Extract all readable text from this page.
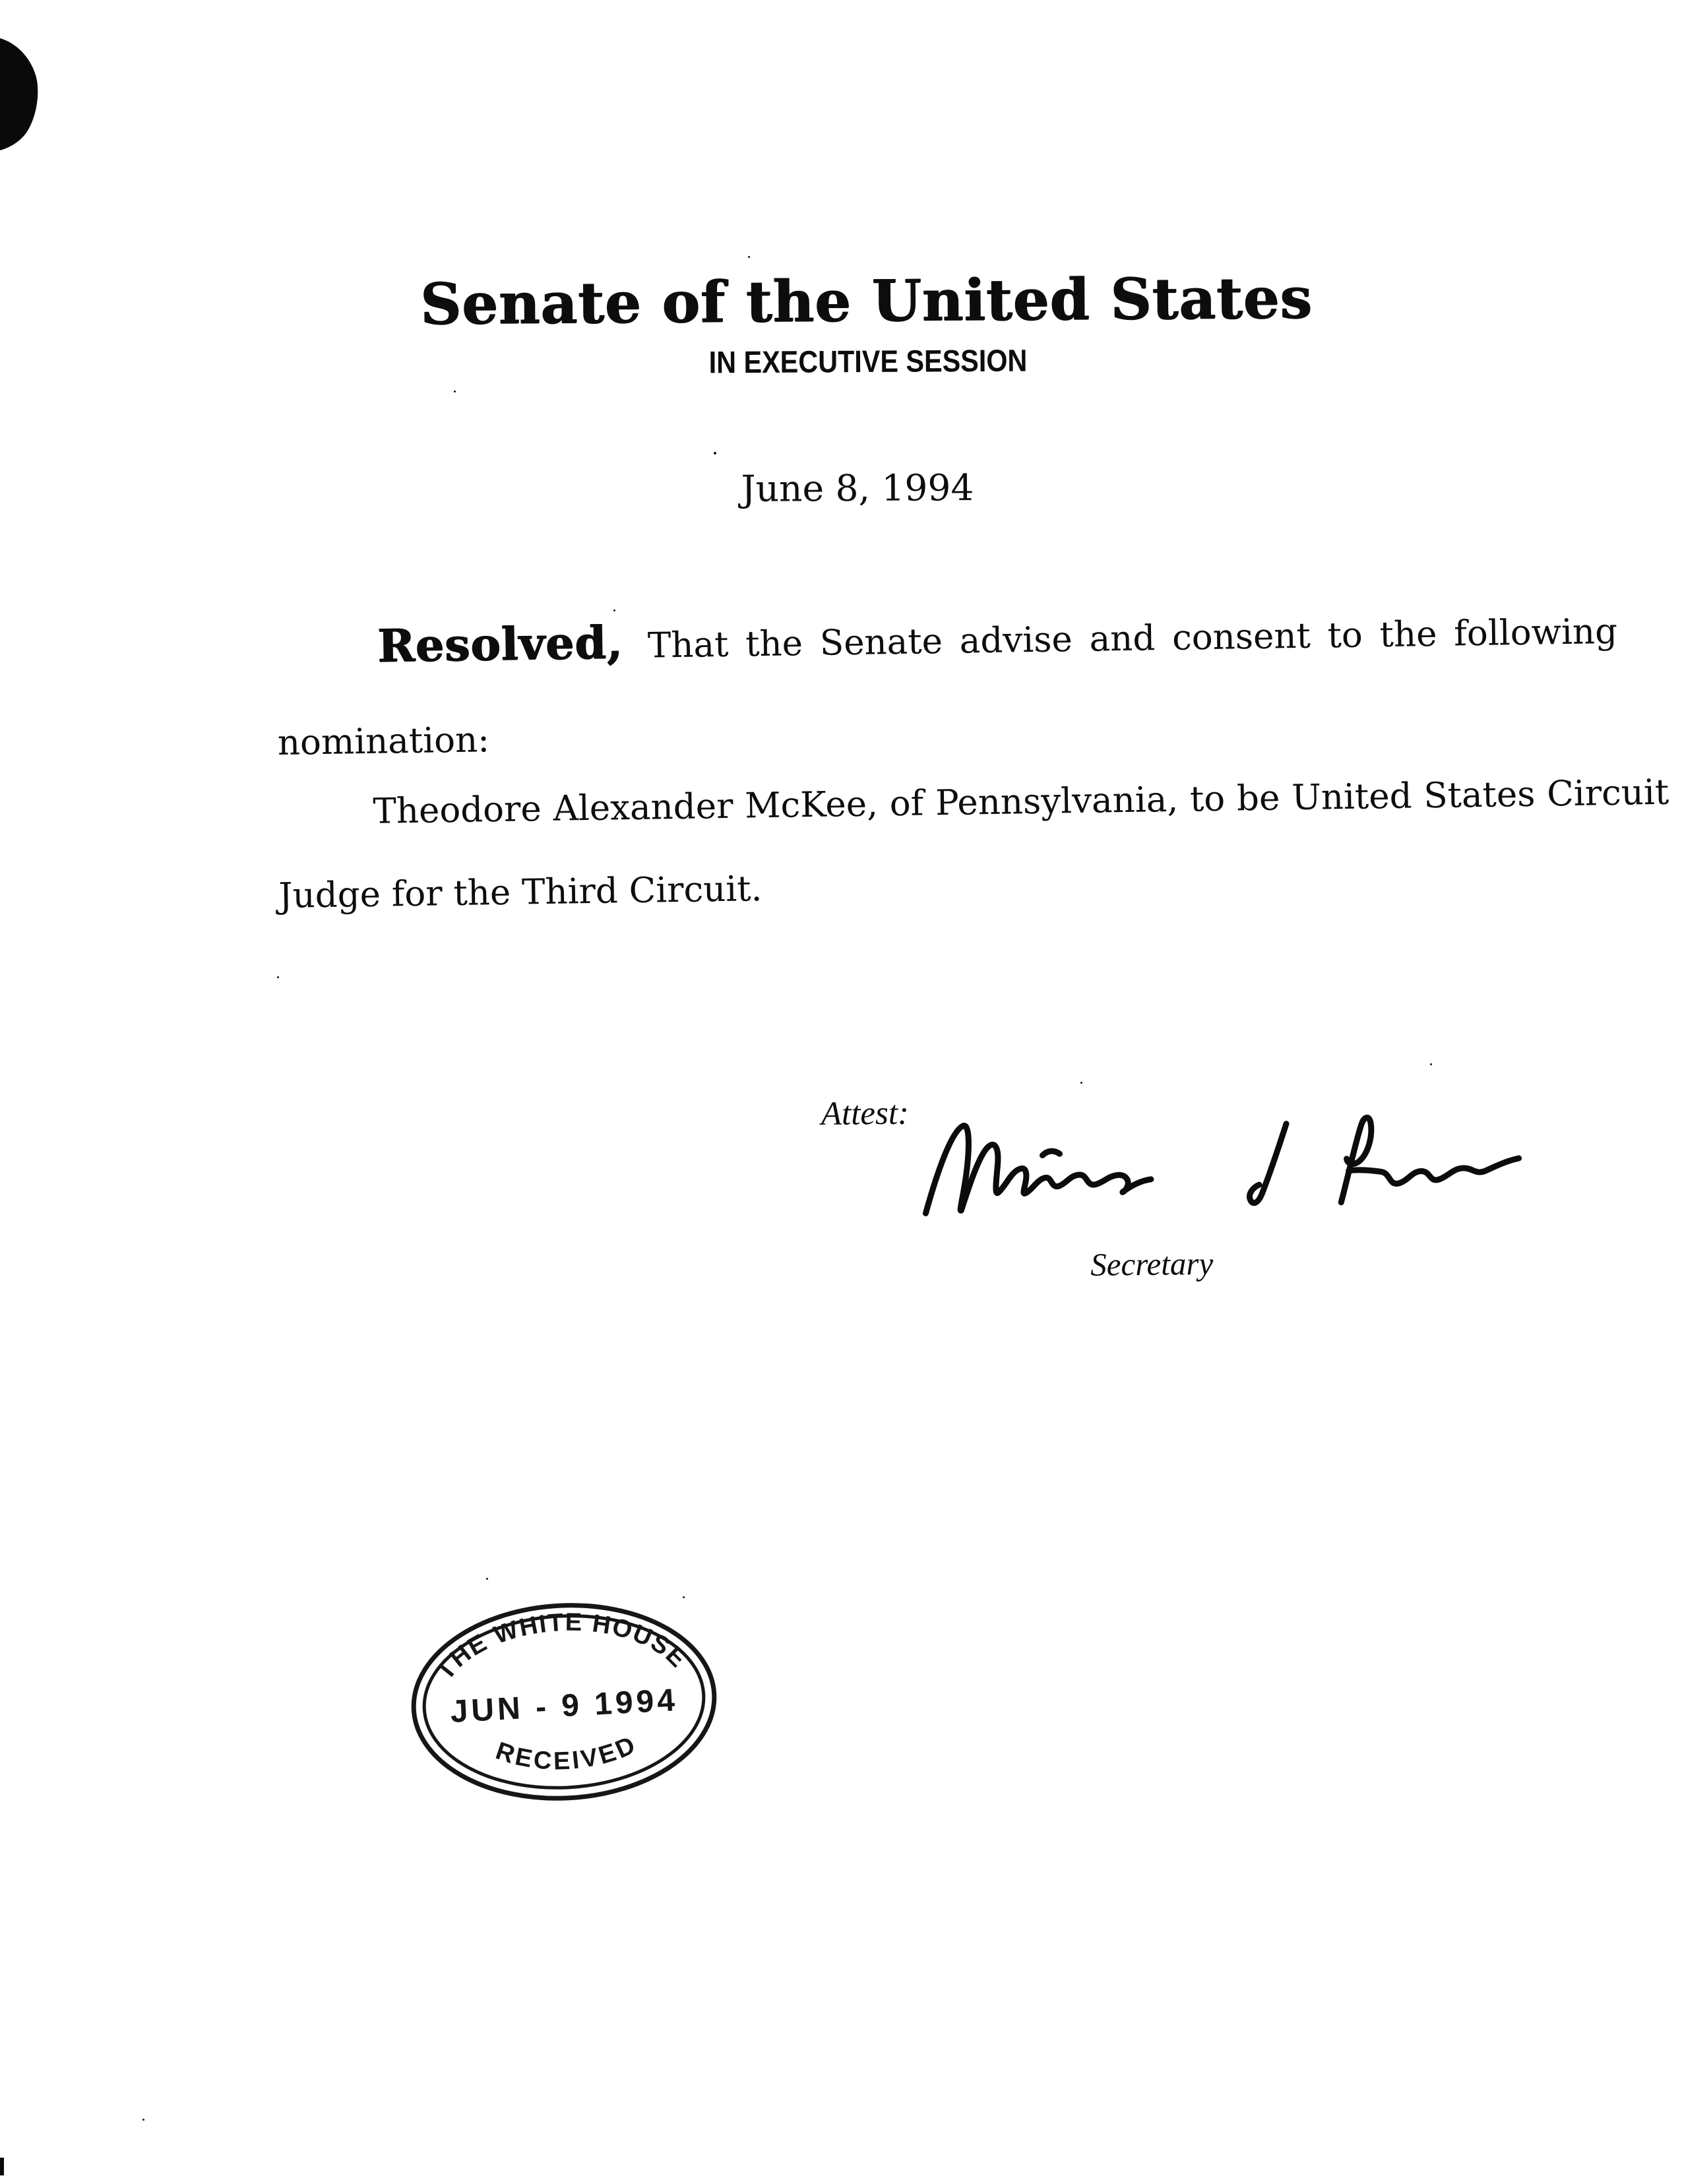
Senate of the United States
IN EXECUTIVE SESSION
June 8, 1994
Resolved, That the Senate advise and consent to the following
nomination:
Theodore Alexander McKee, of Pennsylvania, to be United States Circuit
Judge for the Third Circuit.
Attest:
Secretary
THE WHITE HOUSE
JUN - 9 1994
RECEIVED
